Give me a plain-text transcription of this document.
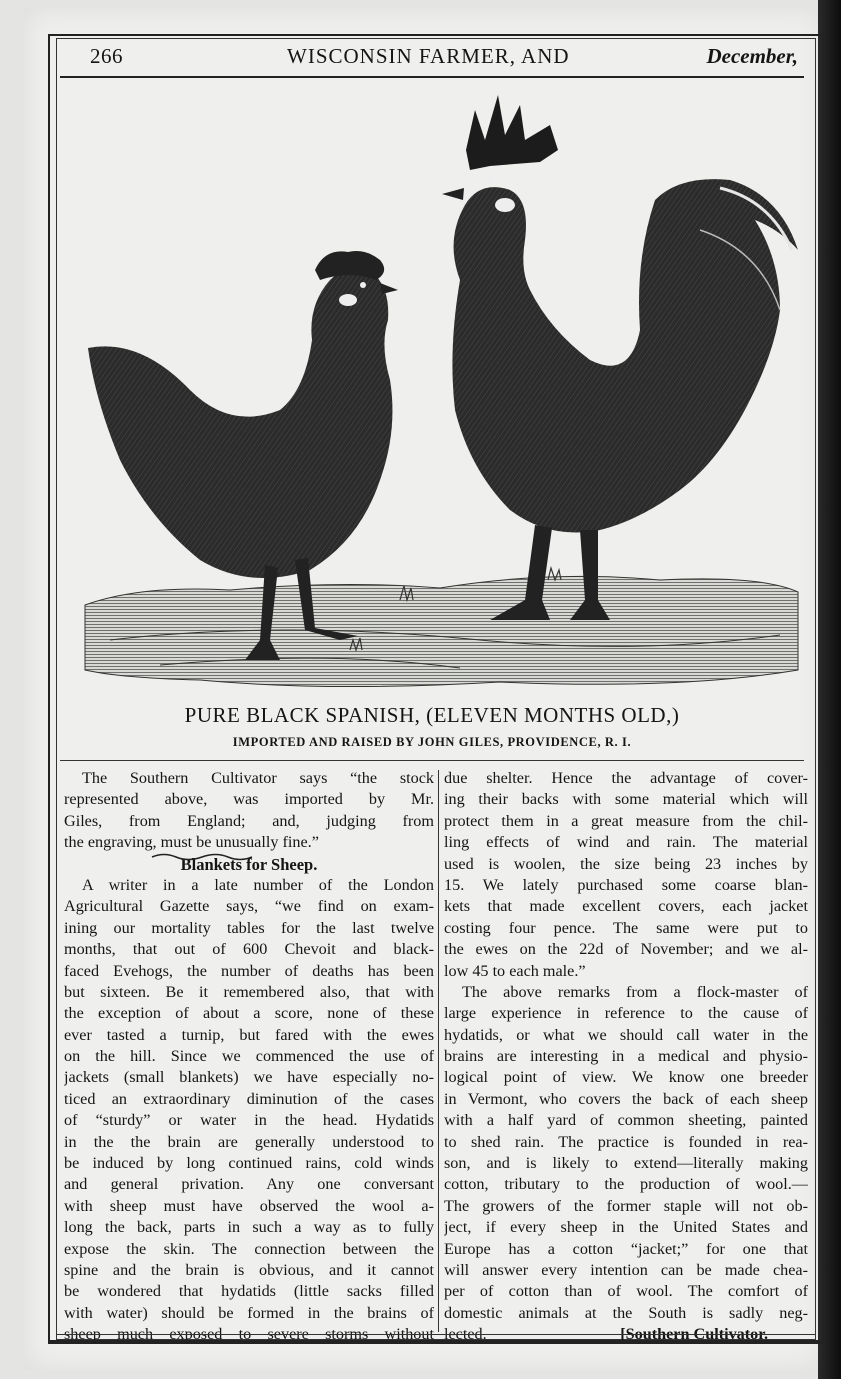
266	WISCONSIN FARMER, AND	December,
PURE BLACK SPANISH, (ELEVEN MONTHS OLD,)
IMPORTED AND RAISED BY JOHN GILES, PROVIDENCE, R. I.
The Southern Cultivator says “the stock
represented above, was imported by Mr.
Giles, from England; and, judging from
the engraving, must be unusually fine.”
Blankets for Sheep.
A writer in a late number of the London
Agricultural Gazette says, “we find on exam-
ining our mortality tables for the last twelve
months, that out of 600 Chevoit and black-
faced Evehogs, the number of deaths has been
but sixteen. Be it remembered also, that with
the exception of about a score, none of these
ever tasted a turnip, but fared with the ewes
on the hill. Since we commenced the use of
jackets (small blankets) we have especially no-
ticed an extraordinary diminution of the cases
of “sturdy” or water in the head. Hydatids
in the the brain are generally understood to
be induced by long continued rains, cold winds
and general privation. Any one conversant
with sheep must have observed the wool a-
long the back, parts in such a way as to fully
expose the skin. The connection between the
spine and the brain is obvious, and it cannot
be wondered that hydatids (little sacks filled
with water) should be formed in the brains of
sheep much exposed to severe storms without
due shelter. Hence the advantage of cover-
ing their backs with some material which will
protect them in a great measure from the chil-
ling effects of wind and rain. The material
used is woolen, the size being 23 inches by
15. We lately purchased some coarse blan-
kets that made excellent covers, each jacket
costing four pence. The same were put to
the ewes on the 22d of November; and we al-
low 45 to each male.”
The above remarks from a flock-master of
large experience in reference to the cause of
hydatids, or what we should call water in the
brains are interesting in a medical and physio-
logical point of view. We know one breeder
in Vermont, who covers the back of each sheep
with a half yard of common sheeting, painted
to shed rain. The practice is founded in rea-
son, and is likely to extend—literally making
cotton, tributary to the production of wool.—
The growers of the former staple will not ob-
ject, if every sheep in the United States and
Europe has a cotton “jacket;” for one that
will answer every intention can be made chea-
per of cotton than of wool. The comfort of
domestic animals at the South is sadly neg-
lected.	[Southern Cultivator.
